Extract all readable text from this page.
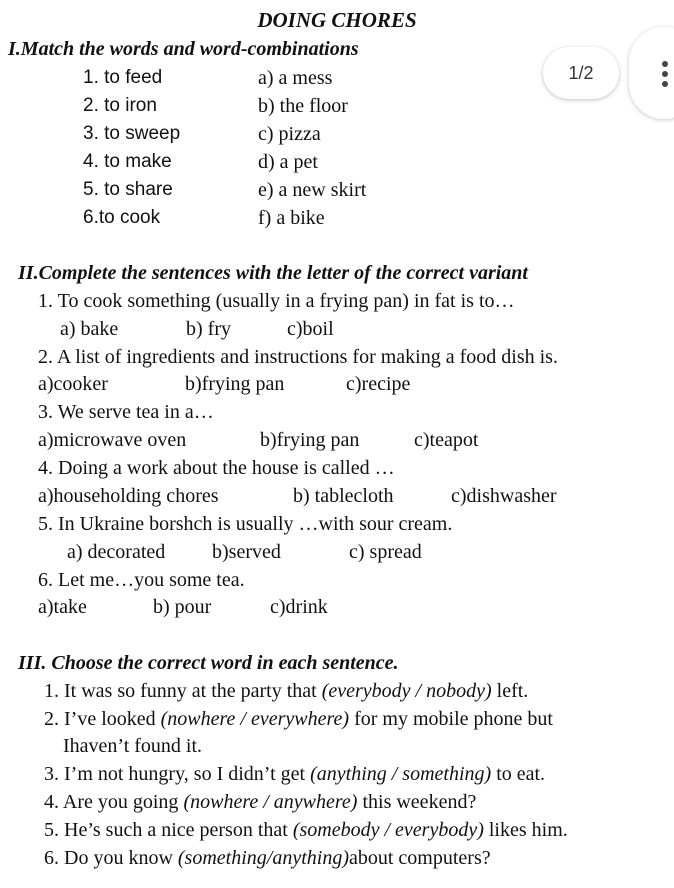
DOING CHORES
1/2
I.Match the words and word-combinations
1. to feed	a) a mess
2. to iron	b) the floor
3. to sweep	c) pizza
4. to make	d) a pet
5. to share	e) a new skirt
6.to cook	f) a bike
II.Complete the sentences with the letter of the correct variant
1. To cook something (usually in a frying pan) in fat is to…
a) bake	b) fry	c)boil
2. A list of ingredients and instructions for making a food dish is.
a)cooker	b)frying pan	c)recipe
3. We serve tea in a…
a)microwave oven	b)frying pan	c)teapot
4. Doing a work about the house is called …
a)householding chores	b) tablecloth	c)dishwasher
5. In Ukraine borshch is usually …with sour cream.
a) decorated b)served	c) spread
6. Let me…you some tea.
a)take	b) pour	c)drink
III. Choose the correct word in each sentence.
1. It was so funny at the party that (everybody / nobody) left.
2. I’ve looked (nowhere / everywhere) for my mobile phone but
Ihaven’t found it.
3. I’m not hungry, so I didn’t get (anything / something) to eat.
4. Are you going (nowhere / anywhere) this weekend?
5. He’s such a nice person that (somebody / everybody) likes him.
6. Do you know (something/anything)about computers?
